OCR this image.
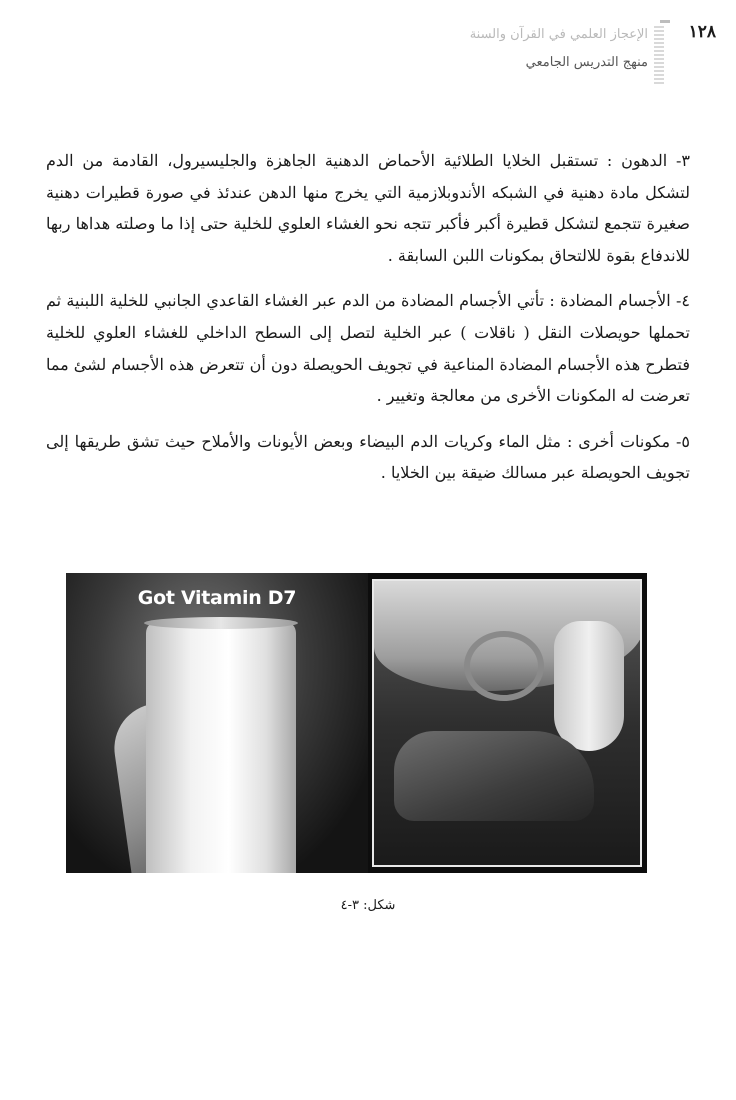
١٢٨
الإعجاز العلمي في القرآن والسنة
منهج التدريس الجامعي

٣- الدهون : تستقبل الخلايا الطلائية الأحماض الدهنية الجاهزة والجليسيرول، القادمة من الدم لتشكل مادة دهنية في الشبكه الأندوبلازمية التي يخرج منها الدهن عندئذ في صورة قطيرات دهنية صغيرة تتجمع لتشكل قطيرة أكبر فأكبر تتجه نحو الغشاء العلوي للخلية حتى إذا ما وصلته هداها ربها للاندفاع بقوة للالتحاق بمكونات اللبن السابقة .

٤- الأجسام المضادة : تأتي الأجسام المضادة من الدم عبر الغشاء القاعدي الجانبي للخلية اللبنية ثم تحملها حويصلات النقل ( ناقلات ) عبر الخلية لتصل إلى السطح الداخلي للغشاء العلوي للخلية فتطرح هذه الأجسام المضادة المناعية في تجويف الحويصلة دون أن تتعرض هذه الأجسام لشئ مما تعرضت له المكونات الأخرى من معالجة وتغيير .

٥- مكونات أخرى : مثل الماء وكريات الدم البيضاء وبعض الأيونات والأملاح حيث تشق طريقها إلى تجويف الحويصلة عبر مسالك ضيقة بين الخلايا .

Got Vitamin D7
شكل: ٣-٤
